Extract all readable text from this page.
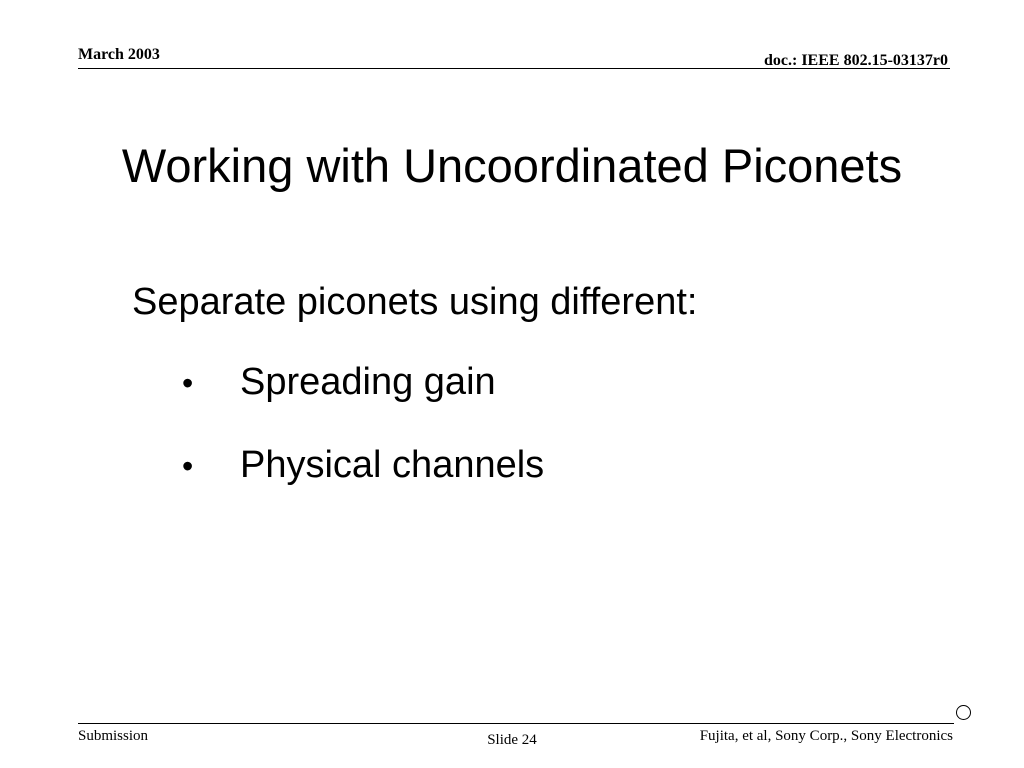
March 2003	doc.: IEEE 802.15-03137r0
Working with Uncoordinated Piconets
Separate piconets using different:
•	Spreading gain
•	Physical channels
Submission	Slide 24	Fujita, et al, Sony Corp., Sony Electronics
